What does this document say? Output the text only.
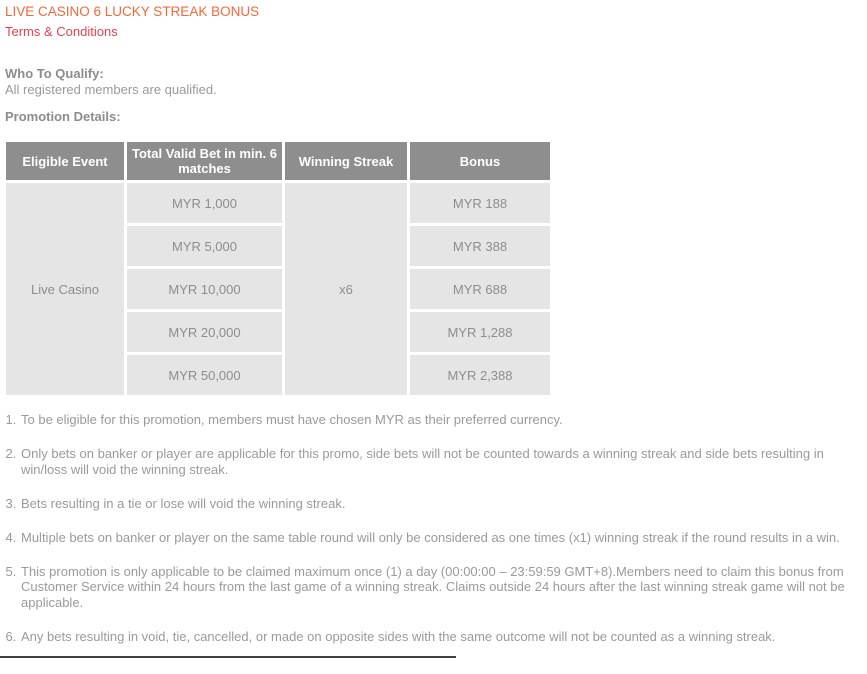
LIVE CASINO 6 LUCKY STREAK BONUS
Terms & Conditions
Who To Qualify:
All registered members are qualified.
Promotion Details:
Eligible Event	Total Valid Bet in min. 6 matches	Winning Streak	Bonus
Live Casino	MYR 1,000	x6	MYR 188
	MYR 5,000		MYR 388
	MYR 10,000		MYR 688
	MYR 20,000		MYR 1,288
	MYR 50,000		MYR 2,388
1. To be eligible for this promotion, members must have chosen MYR as their preferred currency.
2. Only bets on banker or player are applicable for this promo, side bets will not be counted towards a winning streak and side bets resulting in win/loss will void the winning streak.
3. Bets resulting in a tie or lose will void the winning streak.
4. Multiple bets on banker or player on the same table round will only be considered as one times (x1) winning streak if the round results in a win.
5. This promotion is only applicable to be claimed maximum once (1) a day (00:00:00 – 23:59:59 GMT+8).Members need to claim this bonus from Customer Service within 24 hours from the last game of a winning streak. Claims outside 24 hours after the last winning streak game will not be applicable.
6. Any bets resulting in void, tie, cancelled, or made on opposite sides with the same outcome will not be counted as a winning streak.
